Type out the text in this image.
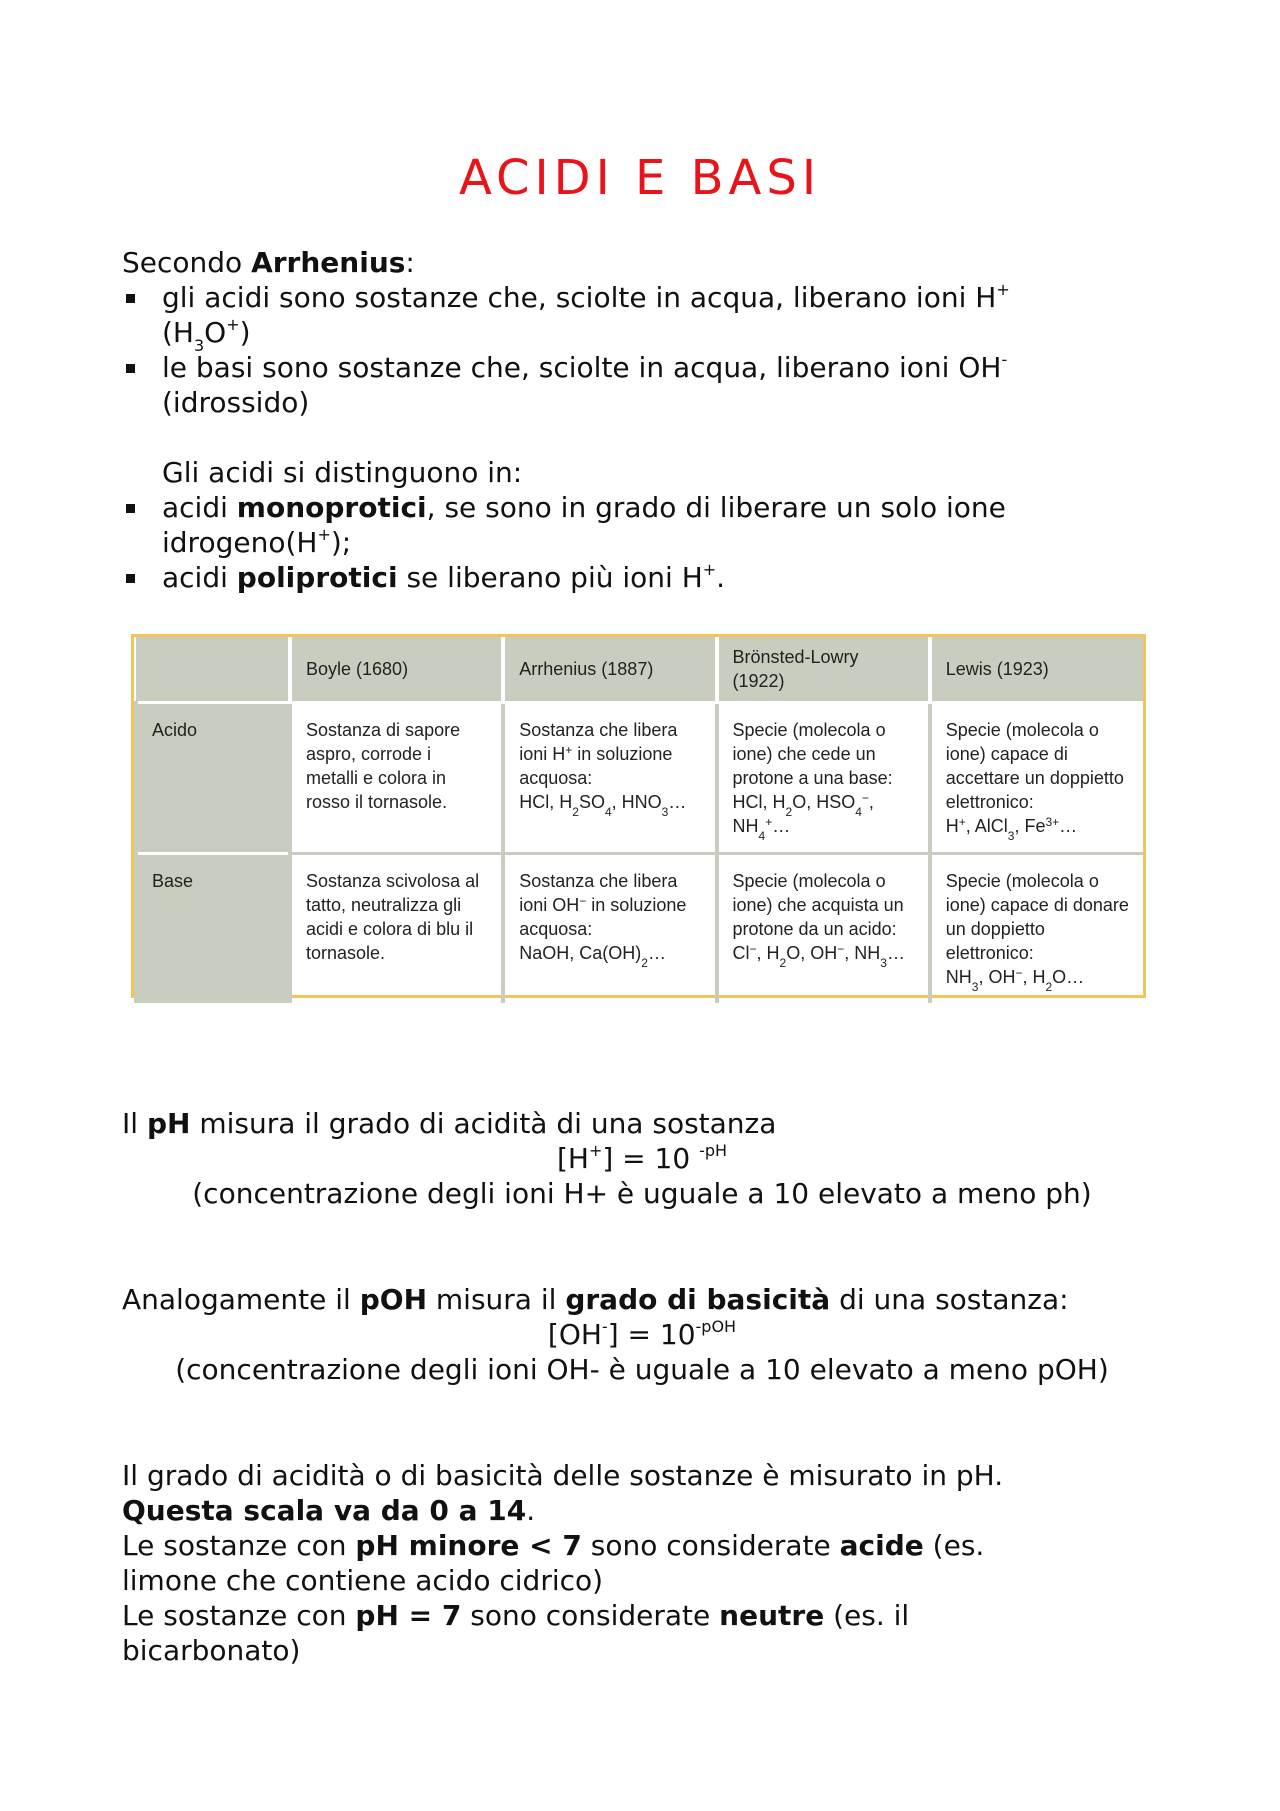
ACIDI E BASI
Secondo Arrhenius:
gli acidi sono sostanze che, sciolte in acqua, liberano ioni H+
$(H_3O^+)$
le basi sono sostanze che, sciolte in acqua, liberano ioni OH-
(idrossido)
Gli acidi si distinguono in:
acidi monoprotici, se sono in grado di liberare un solo ione
idrogeno(H+);
acidi poliprotici se liberano più ioni H+.
	Boyle (1680)	Arrhenius (1887)	Brönsted-Lowry (1922)	Lewis (1923)
Acido	Sostanza di sapore aspro, corrode i metalli e colora in rosso il tornasole.	Sostanza che libera ioni H+ in soluzione acquosa:
HCl, $H_2SO_4$, $HNO_3\dots$	Specie (molecola o ione) che cede un protone a una base:
HCl, $H_2O$, $HSO_4^-$,
$NH_4^+\dots$	Specie (molecola o ione) capace di accettare un doppietto elettronico:
H+, AlCl$_3$, $Fe^{3+}\dots$
Base	Sostanza scivolosa al tatto, neutralizza gli acidi e colora di blu il tornasole.	Sostanza che libera ioni OH− in soluzione acquosa:
NaOH, $Ca(OH)_2\dots$	Specie (molecola o ione) che acquista un protone da un acido:
Cl−, $H_2O$, OH−, $NH_3\dots$	Specie (molecola o ione) capace di donare un doppietto elettronico:
$NH_3$, OH−, $H_2O\dots$
Il pH misura il grado di acidità di una sostanza
[H+] = 10 $^{-pH}$
(concentrazione degli ioni H+ è uguale a 10 elevato a meno ph)
Analogamente il pOH misura il grado di basicità di una sostanza:
$[OH^-] = 10^{-pOH}$
(concentrazione degli ioni OH- è uguale a 10 elevato a meno pOH)
Il grado di acidità o di basicità delle sostanze è misurato in pH.
Questa scala va da 0 a 14.
Le sostanze con pH minore < 7 sono considerate acide (es.
limone che contiene acido cidrico)
Le sostanze con pH = 7 sono considerate neutre (es. il
bicarbonato)
